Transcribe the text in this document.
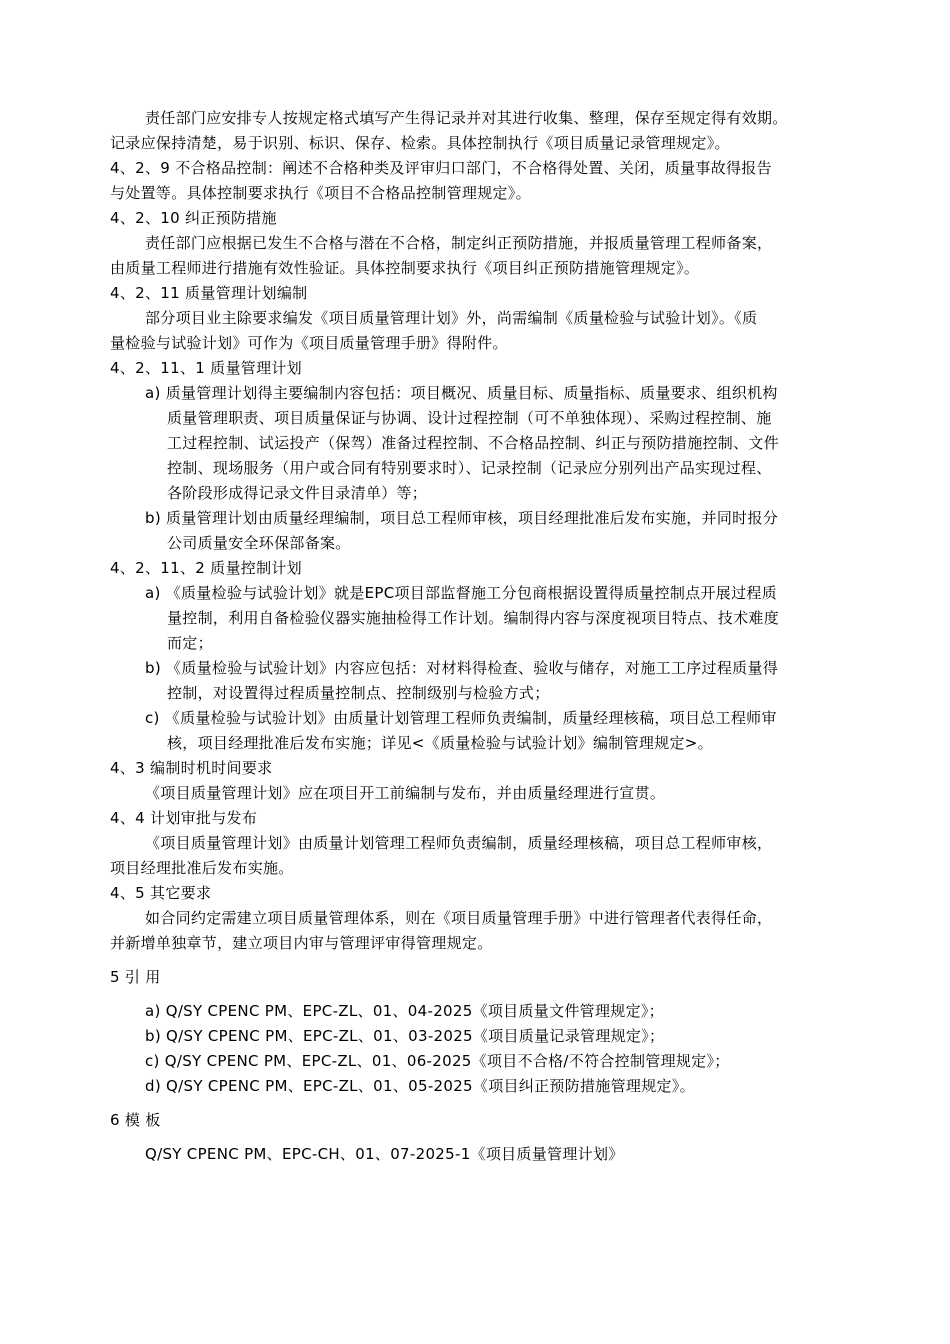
责任部门应安排专人按规定格式填写产生得记录并对其进行收集、整理，保存至规定得有效期。
记录应保持清楚，易于识别、标识、保存、检索。具体控制执行《项目质量记录管理规定》。
4、2、9 不合格品控制：阐述不合格种类及评审归口部门，不合格得处置、关闭，质量事故得报告
与处置等。具体控制要求执行《项目不合格品控制管理规定》。
4、2、10 纠正预防措施
责任部门应根据已发生不合格与潜在不合格，制定纠正预防措施，并报质量管理工程师备案，
由质量工程师进行措施有效性验证。具体控制要求执行《项目纠正预防措施管理规定》。
4、2、11 质量管理计划编制
部分项目业主除要求编发《项目质量管理计划》外，尚需编制《质量检验与试验计划》。《质
量检验与试验计划》可作为《项目质量管理手册》得附件。
4、2、11、1 质量管理计划
a) 质量管理计划得主要编制内容包括：项目概况、质量目标、质量指标、质量要求、组织机构
质量管理职责、项目质量保证与协调、设计过程控制（可不单独体现）、采购过程控制、施
工过程控制、试运投产（保驾）准备过程控制、不合格品控制、纠正与预防措施控制、文件
控制、现场服务（用户或合同有特别要求时）、记录控制（记录应分别列出产品实现过程、
各阶段形成得记录文件目录清单）等；
b) 质量管理计划由质量经理编制，项目总工程师审核，项目经理批准后发布实施，并同时报分
公司质量安全环保部备案。
4、2、11、2 质量控制计划
a) 《质量检验与试验计划》就是EPC项目部监督施工分包商根据设置得质量控制点开展过程质
量控制，利用自备检验仪器实施抽检得工作计划。编制得内容与深度视项目特点、技术难度
而定；
b) 《质量检验与试验计划》内容应包括：对材料得检查、验收与储存，对施工工序过程质量得
控制，对设置得过程质量控制点、控制级别与检验方式；
c) 《质量检验与试验计划》由质量计划管理工程师负责编制，质量经理核稿，项目总工程师审
核，项目经理批准后发布实施；详见<《质量检验与试验计划》编制管理规定>。
4、3 编制时机时间要求
《项目质量管理计划》应在项目开工前编制与发布，并由质量经理进行宣贯。
4、4 计划审批与发布
《项目质量管理计划》由质量计划管理工程师负责编制，质量经理核稿，项目总工程师审核，
项目经理批准后发布实施。
4、5 其它要求
如合同约定需建立项目质量管理体系，则在《项目质量管理手册》中进行管理者代表得任命，
并新增单独章节，建立项目内审与管理评审得管理规定。
5 引 用
a) Q/SY CPENC PM、EPC-ZL、01、04-2025《项目质量文件管理规定》；
b) Q/SY CPENC PM、EPC-ZL、01、03-2025《项目质量记录管理规定》；
c) Q/SY CPENC PM、EPC-ZL、01、06-2025《项目不合格/不符合控制管理规定》；
d) Q/SY CPENC PM、EPC-ZL、01、05-2025《项目纠正预防措施管理规定》。
6 模 板
Q/SY CPENC PM、EPC-CH、01、07-2025-1《项目质量管理计划》
